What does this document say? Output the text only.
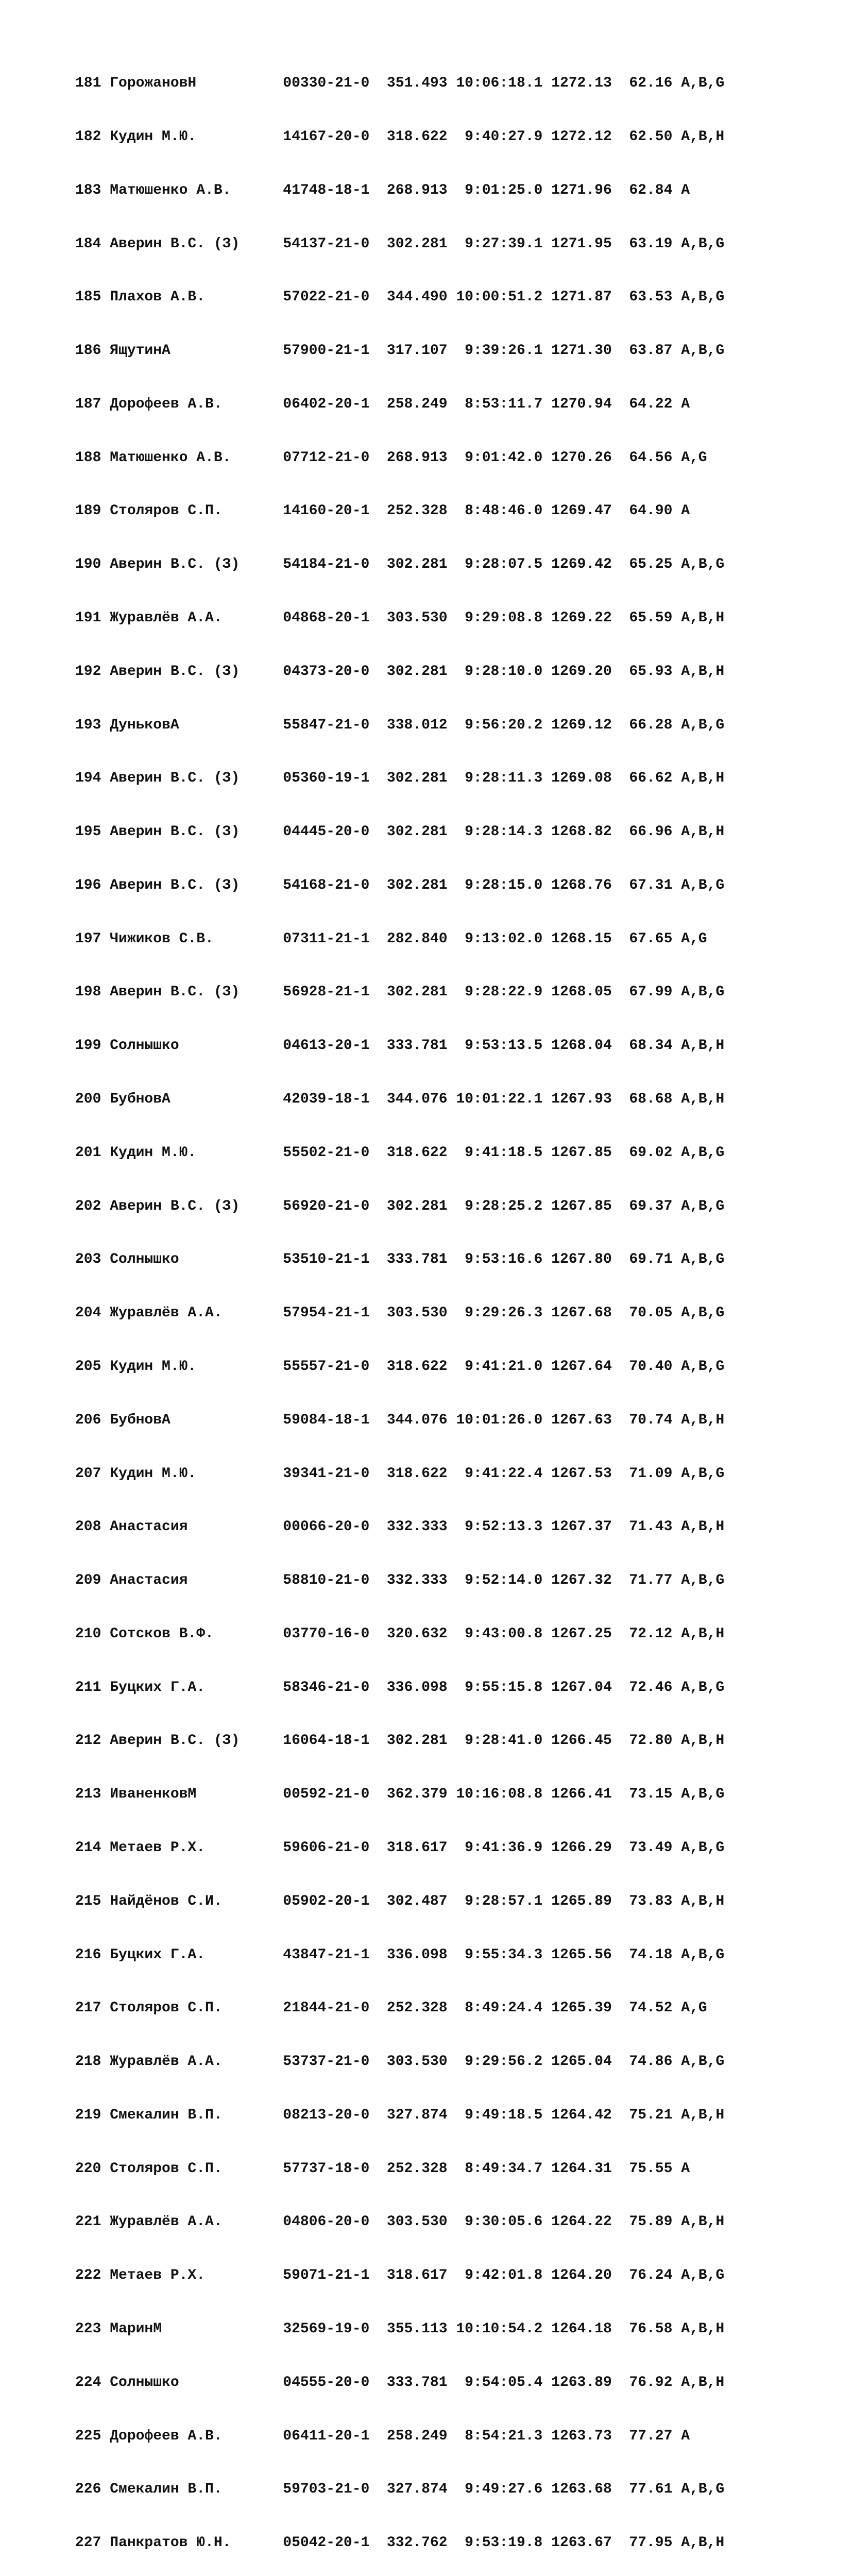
181 ГорожановН          00330-21-0  351.493 10:06:18.1 1272.13  62.16 A,B,G

182 Кудин М.Ю.          14167-20-0  318.622  9:40:27.9 1272.12  62.50 A,B,H

183 Матюшенко А.В.      41748-18-1  268.913  9:01:25.0 1271.96  62.84 A

184 Аверин В.С. (З)     54137-21-0  302.281  9:27:39.1 1271.95  63.19 A,B,G

185 Плахов А.В.         57022-21-0  344.490 10:00:51.2 1271.87  63.53 A,B,G

186 ЯщутинА             57900-21-1  317.107  9:39:26.1 1271.30  63.87 A,B,G

187 Дорофеев А.В.       06402-20-1  258.249  8:53:11.7 1270.94  64.22 A

188 Матюшенко А.В.      07712-21-0  268.913  9:01:42.0 1270.26  64.56 A,G

189 Столяров С.П.       14160-20-1  252.328  8:48:46.0 1269.47  64.90 A

190 Аверин В.С. (З)     54184-21-0  302.281  9:28:07.5 1269.42  65.25 A,B,G

191 Журавлёв А.А.       04868-20-1  303.530  9:29:08.8 1269.22  65.59 A,B,H

192 Аверин В.С. (З)     04373-20-0  302.281  9:28:10.0 1269.20  65.93 A,B,H

193 ДуньковА            55847-21-0  338.012  9:56:20.2 1269.12  66.28 A,B,G

194 Аверин В.С. (З)     05360-19-1  302.281  9:28:11.3 1269.08  66.62 A,B,H

195 Аверин В.С. (З)     04445-20-0  302.281  9:28:14.3 1268.82  66.96 A,B,H

196 Аверин В.С. (З)     54168-21-0  302.281  9:28:15.0 1268.76  67.31 A,B,G

197 Чижиков С.В.        07311-21-1  282.840  9:13:02.0 1268.15  67.65 A,G

198 Аверин В.С. (З)     56928-21-1  302.281  9:28:22.9 1268.05  67.99 A,B,G

199 Солнышко            04613-20-1  333.781  9:53:13.5 1268.04  68.34 A,B,H

200 БубновА             42039-18-1  344.076 10:01:22.1 1267.93  68.68 A,B,H

201 Кудин М.Ю.          55502-21-0  318.622  9:41:18.5 1267.85  69.02 A,B,G

202 Аверин В.С. (З)     56920-21-0  302.281  9:28:25.2 1267.85  69.37 A,B,G

203 Солнышко            53510-21-1  333.781  9:53:16.6 1267.80  69.71 A,B,G

204 Журавлёв А.А.       57954-21-1  303.530  9:29:26.3 1267.68  70.05 A,B,G

205 Кудин М.Ю.          55557-21-0  318.622  9:41:21.0 1267.64  70.40 A,B,G

206 БубновА             59084-18-1  344.076 10:01:26.0 1267.63  70.74 A,B,H

207 Кудин М.Ю.          39341-21-0  318.622  9:41:22.4 1267.53  71.09 A,B,G

208 Анастасия           00066-20-0  332.333  9:52:13.3 1267.37  71.43 A,B,H

209 Анастасия           58810-21-0  332.333  9:52:14.0 1267.32  71.77 A,B,G

210 Сотсков В.Ф.        03770-16-0  320.632  9:43:00.8 1267.25  72.12 A,B,H

211 Буцких Г.А.         58346-21-0  336.098  9:55:15.8 1267.04  72.46 A,B,G

212 Аверин В.С. (З)     16064-18-1  302.281  9:28:41.0 1266.45  72.80 A,B,H

213 ИваненковМ          00592-21-0  362.379 10:16:08.8 1266.41  73.15 A,B,G

214 Метаев Р.Х.         59606-21-0  318.617  9:41:36.9 1266.29  73.49 A,B,G

215 Найдёнов С.И.       05902-20-1  302.487  9:28:57.1 1265.89  73.83 A,B,H

216 Буцких Г.А.         43847-21-1  336.098  9:55:34.3 1265.56  74.18 A,B,G

217 Столяров С.П.       21844-21-0  252.328  8:49:24.4 1265.39  74.52 A,G

218 Журавлёв А.А.       53737-21-0  303.530  9:29:56.2 1265.04  74.86 A,B,G

219 Смекалин В.П.       08213-20-0  327.874  9:49:18.5 1264.42  75.21 A,B,H

220 Столяров С.П.       57737-18-0  252.328  8:49:34.7 1264.31  75.55 A

221 Журавлёв А.А.       04806-20-0  303.530  9:30:05.6 1264.22  75.89 A,B,H

222 Метаев Р.Х.         59071-21-1  318.617  9:42:01.8 1264.20  76.24 A,B,G

223 МаринМ              32569-19-0  355.113 10:10:54.2 1264.18  76.58 A,B,H

224 Солнышко            04555-20-0  333.781  9:54:05.4 1263.89  76.92 A,B,H

225 Дорофеев А.В.       06411-20-1  258.249  8:54:21.3 1263.73  77.27 A

226 Смекалин В.П.       59703-21-0  327.874  9:49:27.6 1263.68  77.61 A,B,G

227 Панкратов Ю.Н.      05042-20-1  332.762  9:53:19.8 1263.67  77.95 A,B,H
